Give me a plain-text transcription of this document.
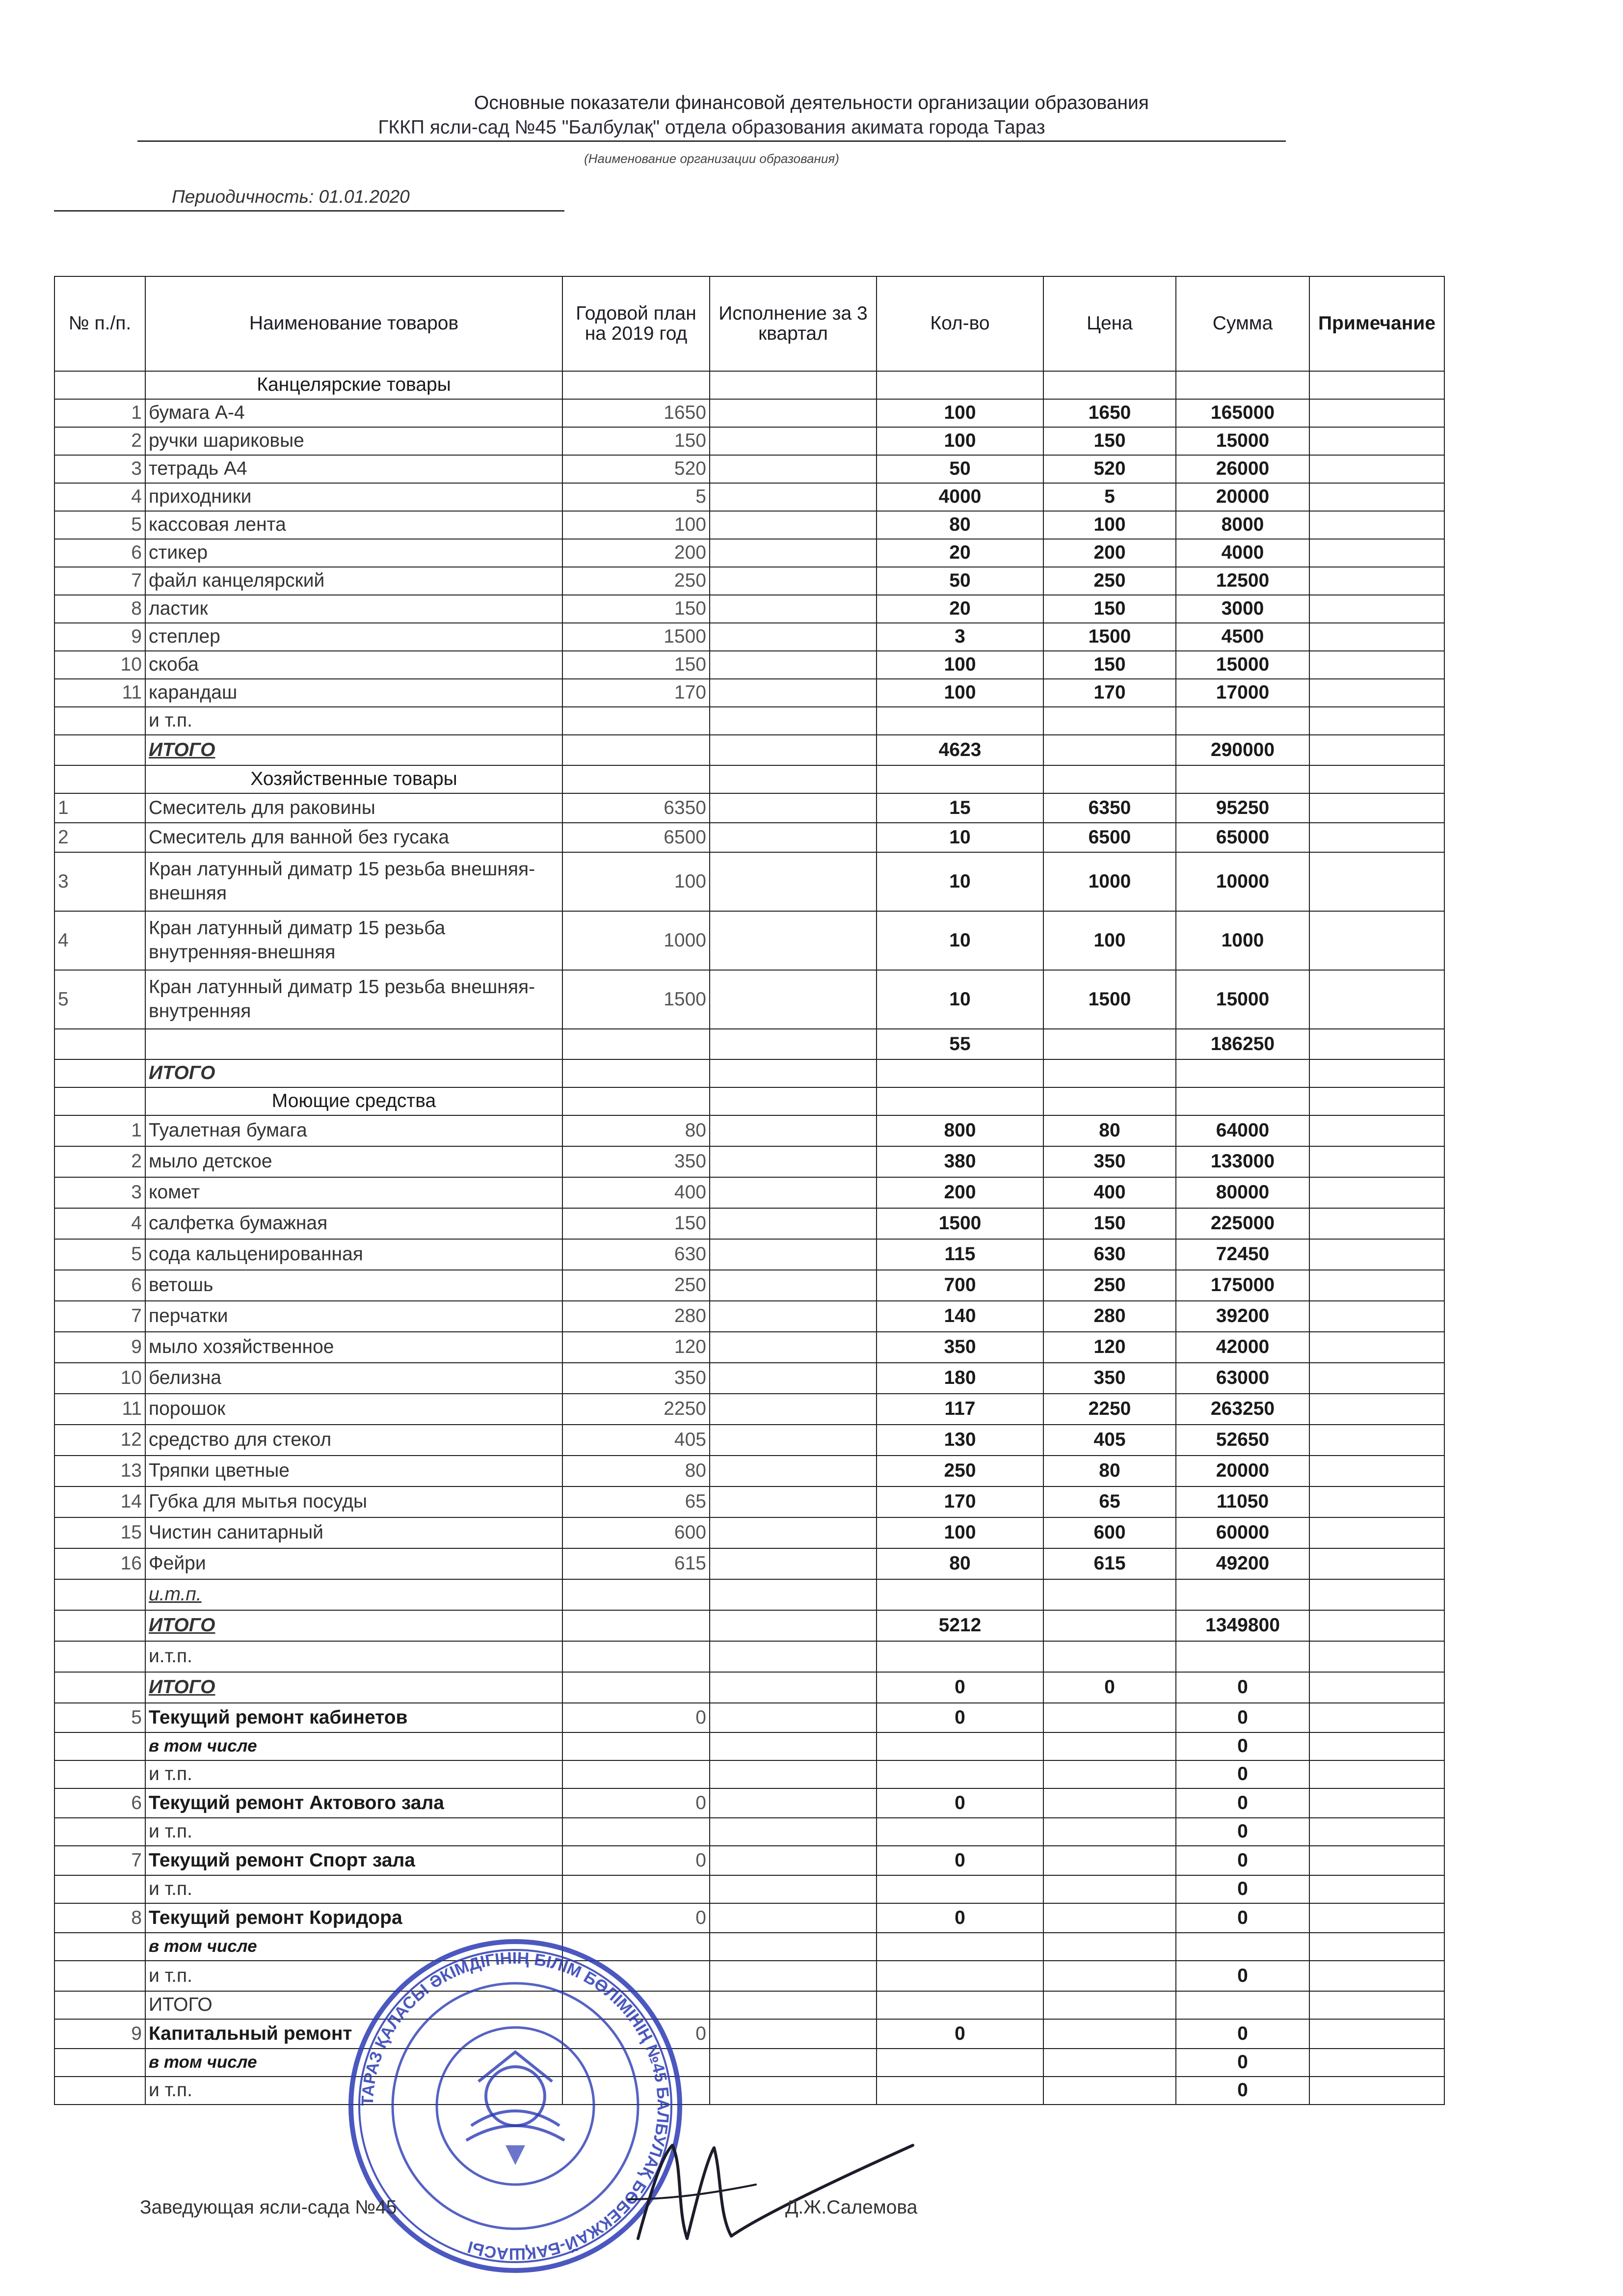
Основные показатели финансовой деятельности организации образования
ГККП ясли-сад №45 "Балбулақ" отдела образования акимата города Тараз
(Наименование организации образования)
Периодичность: 01.01.2020
№ п./п.	Наименование товаров	Годовой план на 2019 год	Исполнение за 3 квартал	Кол-во	Цена	Сумма	Примечание
	Канцелярские товары						
1	бумага А-4	1650		100	1650	165000	
2	ручки шариковые	150		100	150	15000	
3	тетрадь А4	520		50	520	26000	
4	приходники	5		4000	5	20000	
5	кассовая лента	100		80	100	8000	
6	стикер	200		20	200	4000	
7	файл канцелярский	250		50	250	12500	
8	ластик	150		20	150	3000	
9	степлер	1500		3	1500	4500	
10	скоба	150		100	150	15000	
11	карандаш	170		100	170	17000	
	и т.п.						
	ИТОГО			4623		290000	
	Хозяйственные товары						
1	Смеситель для раковины	6350		15	6350	95250	
2	Смеситель для ванной без гусака	6500		10	6500	65000	
3	Кран латунный диматр 15 резьба внешняя-внешняя	100		10	1000	10000	
4	Кран латунный диматр 15 резьба внутренняя-внешняя	1000		10	100	1000	
5	Кран латунный диматр 15 резьба внешняя-внутренняя	1500		10	1500	15000	
				55		186250	
	ИТОГО						
	Моющие средства						
1	Туалетная бумага	80		800	80	64000	
2	мыло детское	350		380	350	133000	
3	комет	400		200	400	80000	
4	салфетка бумажная	150		1500	150	225000	
5	сода кальценированная	630		115	630	72450	
6	ветошь	250		700	250	175000	
7	перчатки	280		140	280	39200	
9	мыло хозяйственное	120		350	120	42000	
10	белизна	350		180	350	63000	
11	порошок	2250		117	2250	263250	
12	средство для стекол	405		130	405	52650	
13	Тряпки цветные	80		250	80	20000	
14	Губка для мытья посуды	65		170	65	11050	
15	Чистин санитарный	600		100	600	60000	
16	Фейри	615		80	615	49200	
	и.т.п.						
	ИТОГО			5212		1349800	
	и.т.п.						
	ИТОГО			0	0	0	
5	Текущий ремонт кабинетов	0		0		0	
	в том числе					0	
	и т.п.					0	
6	Текущий ремонт Актового зала	0		0		0	
	и т.п.					0	
7	Текущий ремонт Спорт зала	0		0		0	
	и т.п.					0	
8	Текущий ремонт Коридора	0		0		0	
	в том числе						
	и т.п.					0	
	ИТОГО						
9	Капитальный ремонт	0		0		0	
	в том числе					0	
	и т.п.					0	
ТАРАЗ ҚАЛАСЫ ӘКІМДІГІНІҢ БІЛІМ БӨЛІМІНІҢ №45 БАЛБУЛАҚ БӨБЕКЖАЙ-БАҚШАСЫ
Заведующая ясли-сада №45	Д.Ж.Салемова
